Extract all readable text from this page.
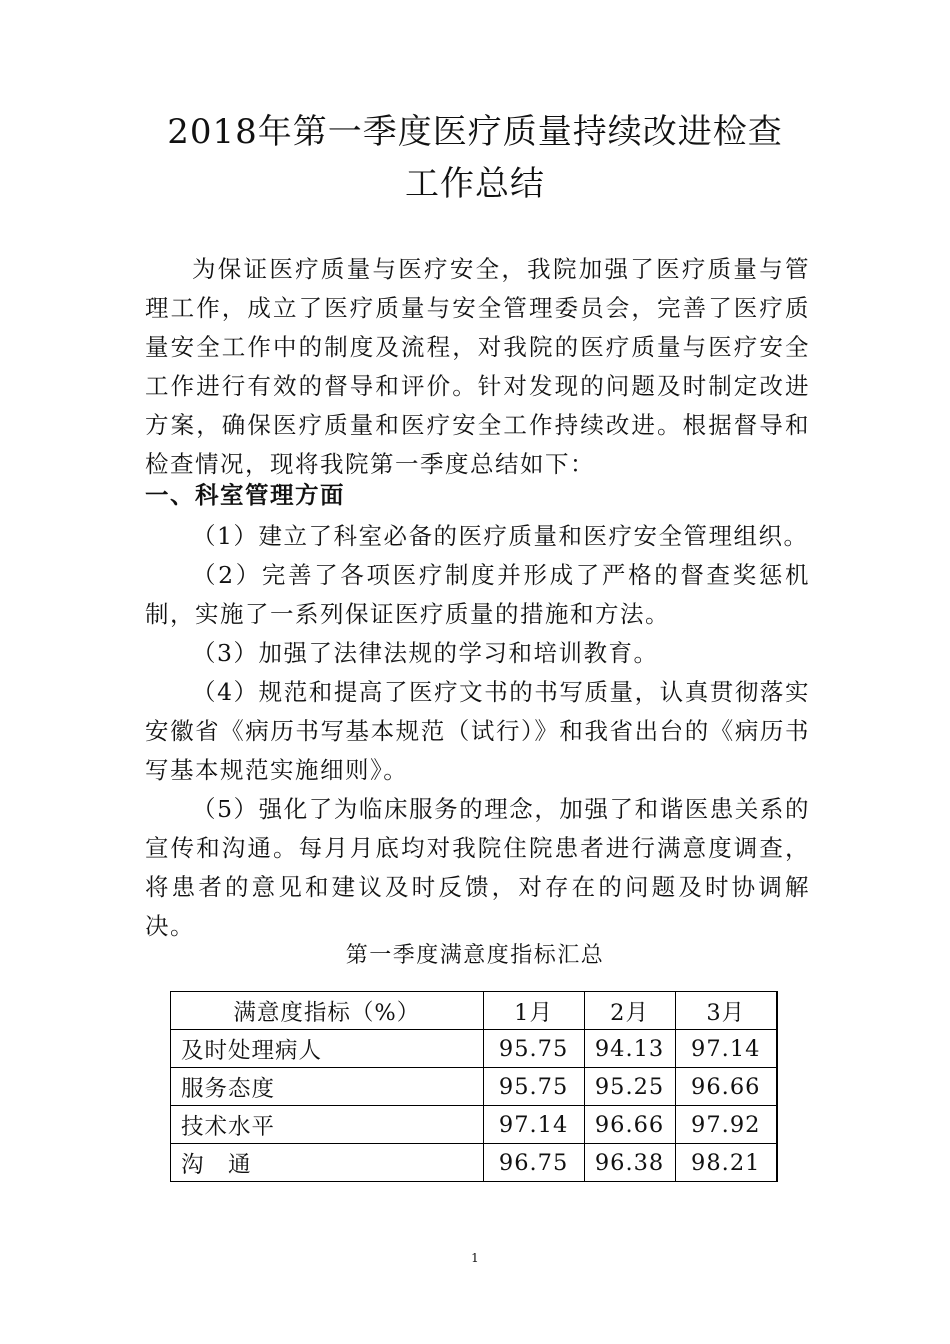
2018年第一季度医疗质量持续改进检查
工作总结

为保证医疗质量与医疗安全，我院加强了医疗质量与管理工作，成立了医疗质量与安全管理委员会，完善了医疗质量安全工作中的制度及流程，对我院的医疗质量与医疗安全工作进行有效的督导和评价。针对发现的问题及时制定改进方案，确保医疗质量和医疗安全工作持续改进。根据督导和检查情况，现将我院第一季度总结如下：

一、科室管理方面

（1）建立了科室必备的医疗质量和医疗安全管理组织。

（2）完善了各项医疗制度并形成了严格的督查奖惩机制，实施了一系列保证医疗质量的措施和方法。

（3）加强了法律法规的学习和培训教育。

（4）规范和提高了医疗文书的书写质量，认真贯彻落实安徽省《病历书写基本规范（试行）》和我省出台的《病历书写基本规范实施细则》。

（5）强化了为临床服务的理念，加强了和谐医患关系的宣传和沟通。每月月底均对我院住院患者进行满意度调查，将患者的意见和建议及时反馈，对存在的问题及时协调解决。

第一季度满意度指标汇总

满意度指标（%）	1月	2月	3月
及时处理病人	95.75	94.13	97.14
服务态度	95.75	95.25	96.66
技术水平	97.14	96.66	97.92
沟　通	96.75	96.38	98.21
1
